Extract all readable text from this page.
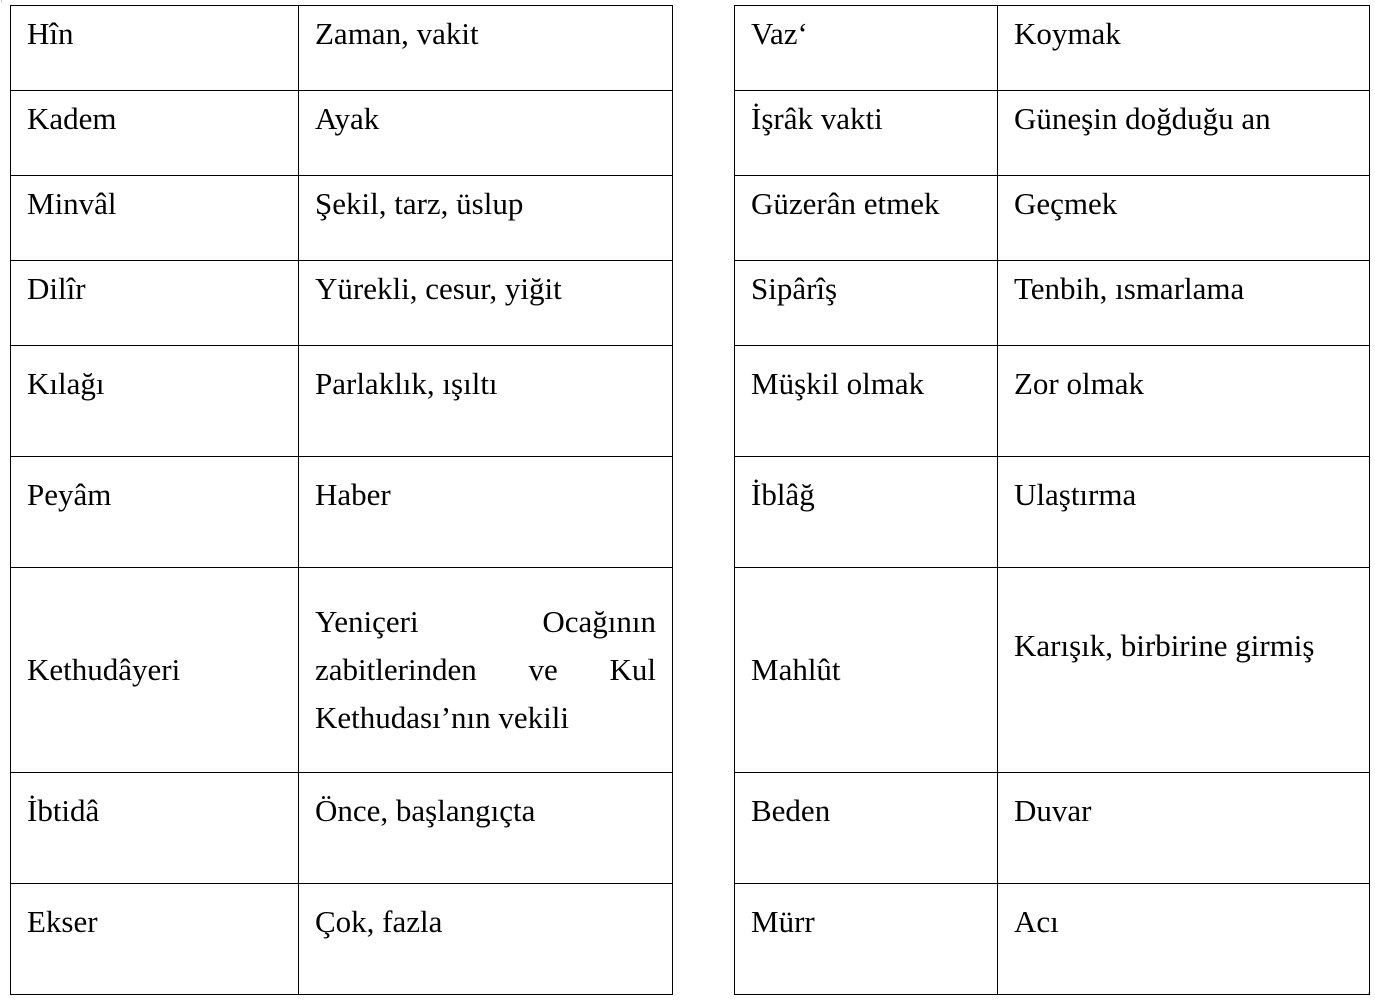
ⁱ
ᶜ
Hîn	Zaman, vakit
Kadem	Ayak
Minvâl	Şekil, tarz, üslup
Dilîr	Yürekli, cesur, yiğit
Kılağı	Parlaklık, ışıltı
Peyâm	Haber
Kethudâyeri	Yeniçeri Ocağının zabitlerinden ve Kul Kethudası’nın vekili
İbtidâ	Önce, başlangıçta
Ekser	Çok, fazla
Vaz‘	Koymak
İşrâk vakti	Güneşin doğduğu an
Güzerân etmek	Geçmek
Sipârîş	Tenbih, ısmarlama
Müşkil olmak	Zor olmak
İblâğ	Ulaştırma
Mahlût	Karışık, birbirine girmiş
Beden	Duvar
Mürr	Acı
